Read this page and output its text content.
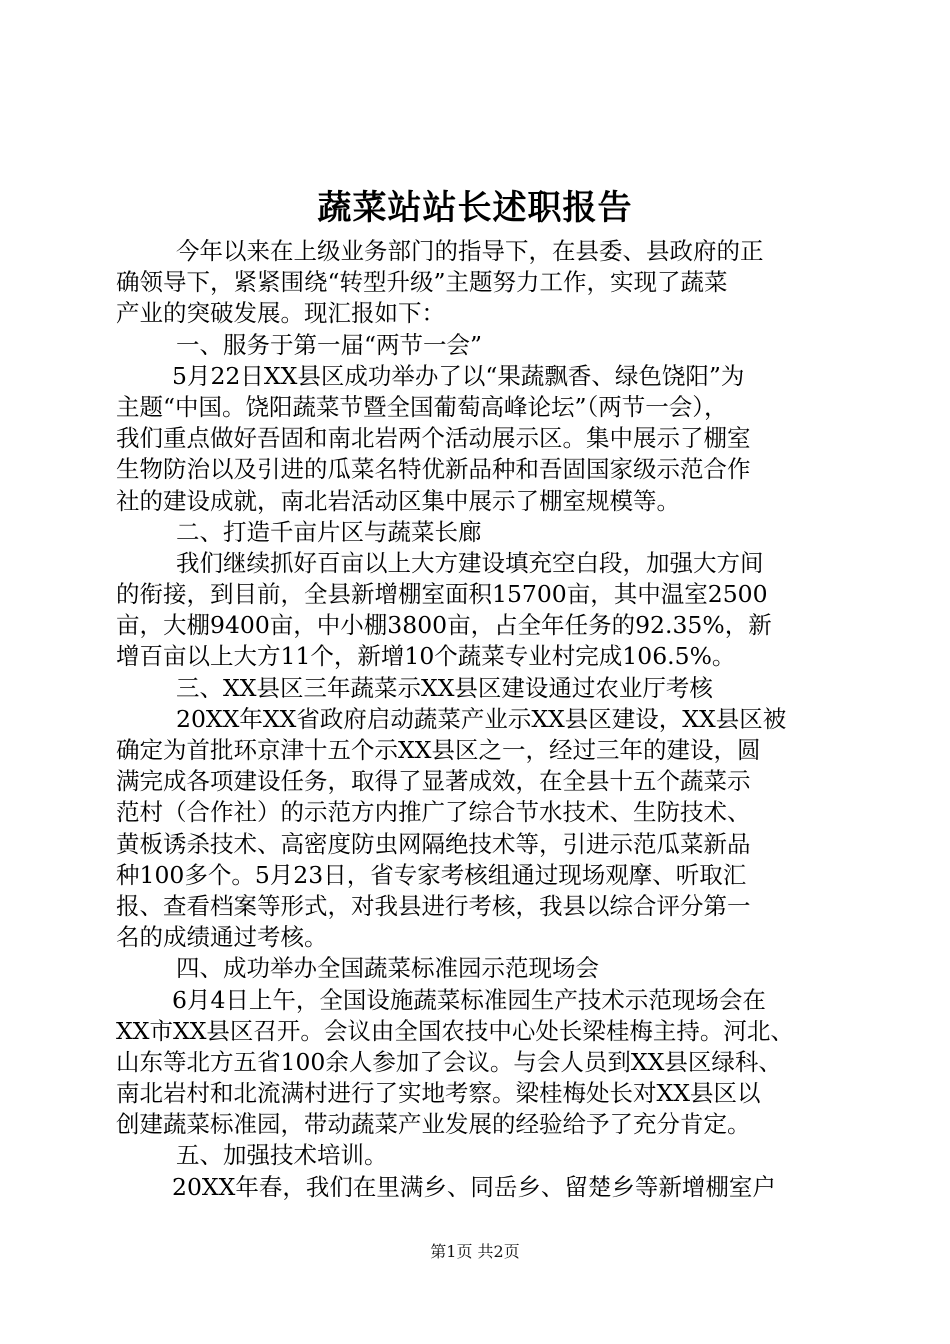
蔬菜站站长述职报告
今年以来在上级业务部门的指导下，在县委、县政府的正
确领导下，紧紧围绕“转型升级”主题努力工作，实现了蔬菜
产业的突破发展。现汇报如下：
一、服务于第一届“两节一会”
5月22日XX县区成功举办了以“果蔬飘香、绿色饶阳”为
主题“中国。饶阳蔬菜节暨全国葡萄高峰论坛”（两节一会），
我们重点做好吾固和南北岩两个活动展示区。集中展示了棚室
生物防治以及引进的瓜菜名特优新品种和吾固国家级示范合作
社的建设成就，南北岩活动区集中展示了棚室规模等。
二、打造千亩片区与蔬菜长廊
我们继续抓好百亩以上大方建设填充空白段，加强大方间
的衔接，到目前，全县新增棚室面积15700亩，其中温室2500
亩，大棚9400亩，中小棚3800亩，占全年任务的92.35%，新
增百亩以上大方11个，新增10个蔬菜专业村完成106.5%。
三、XX县区三年蔬菜示XX县区建设通过农业厅考核
20XX年XX省政府启动蔬菜产业示XX县区建设，XX县区被
确定为首批环京津十五个示XX县区之一，经过三年的建设，圆
满完成各项建设任务，取得了显著成效，在全县十五个蔬菜示
范村（合作社）的示范方内推广了综合节水技术、生防技术、
黄板诱杀技术、高密度防虫网隔绝技术等，引进示范瓜菜新品
种100多个。5月23日，省专家考核组通过现场观摩、听取汇
报、查看档案等形式，对我县进行考核，我县以综合评分第一
名的成绩通过考核。
四、成功举办全国蔬菜标准园示范现场会
6月4日上午，全国设施蔬菜标准园生产技术示范现场会在
XX市XX县区召开。会议由全国农技中心处长梁桂梅主持。河北、
山东等北方五省100余人参加了会议。与会人员到XX县区绿科、
南北岩村和北流满村进行了实地考察。梁桂梅处长对XX县区以
创建蔬菜标准园，带动蔬菜产业发展的经验给予了充分肯定。
五、加强技术培训。
20XX年春，我们在里满乡、同岳乡、留楚乡等新增棚室户
第1页 共2页
